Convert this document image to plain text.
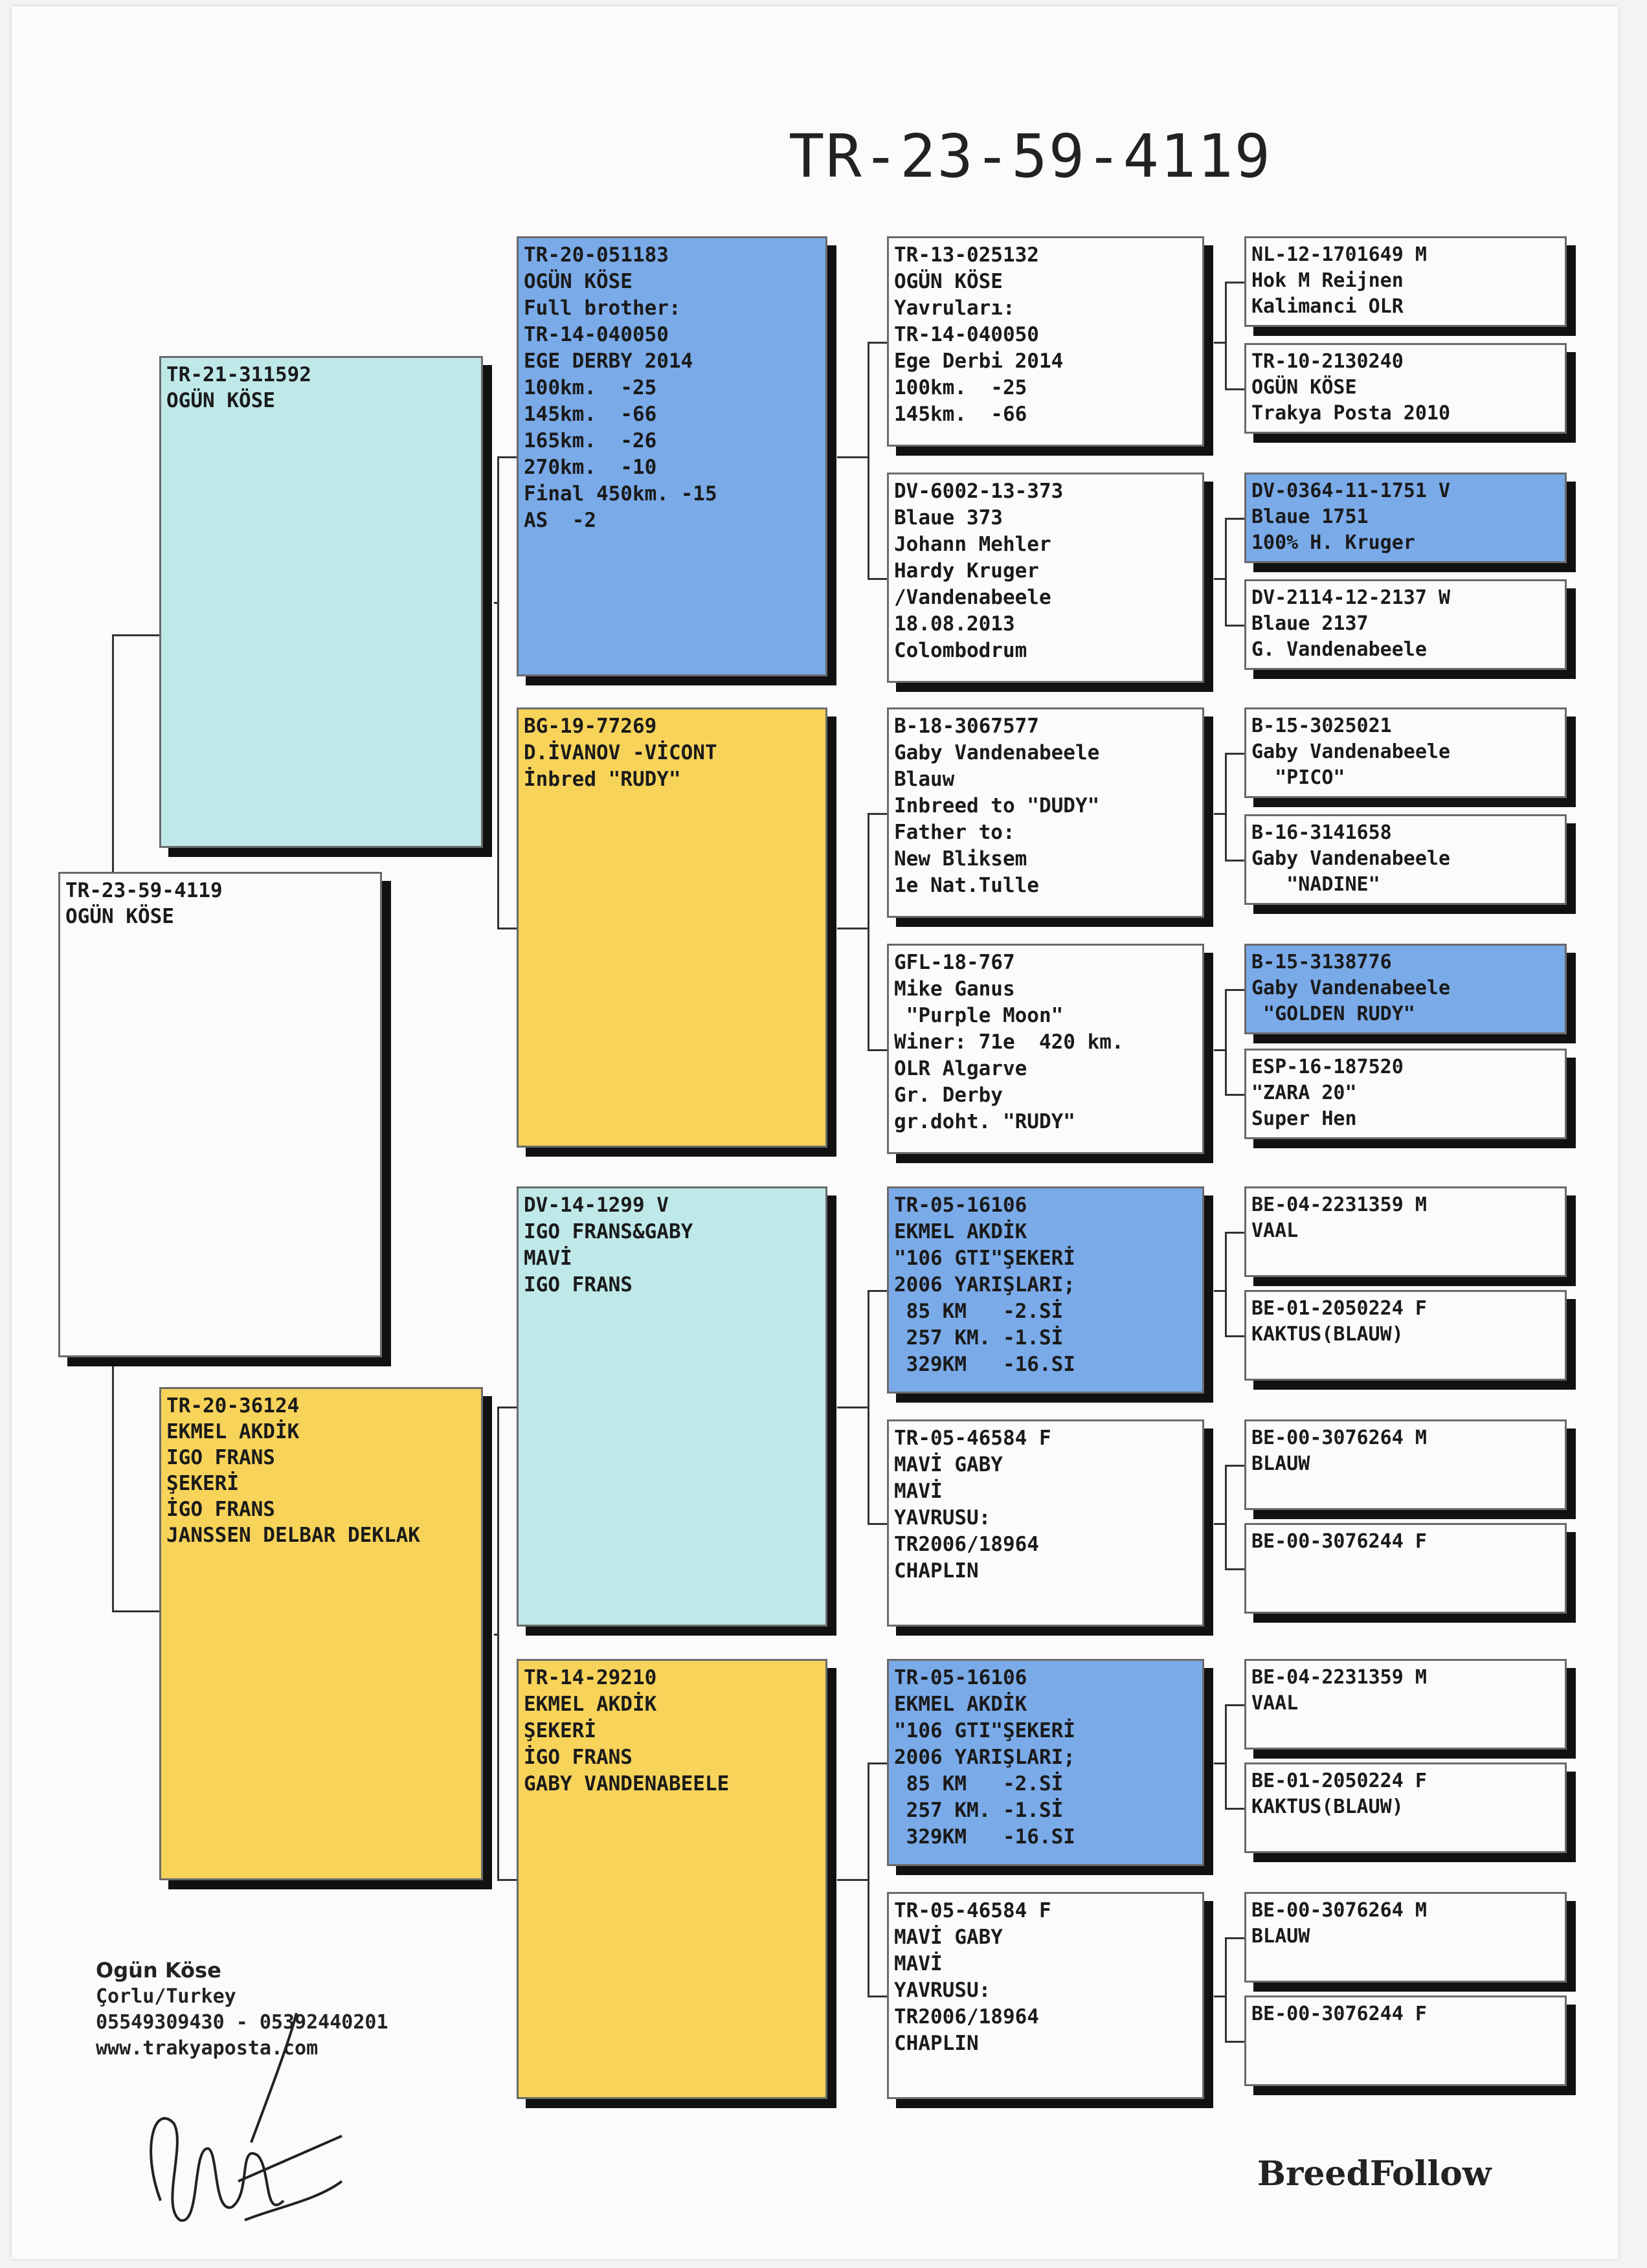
TR-23-59-4119
TR-23-59-4119
OGÜN KÖSE
TR-21-311592
OGÜN KÖSE
TR-20-36124
EKMEL AKDİK
IGO FRANS
ŞEKERİ
İGO FRANS
JANSSEN DELBAR DEKLAK
TR-20-051183
OGÜN KÖSE
Full brother:
TR-14-040050
EGE DERBY 2014
100km.  -25
145km.  -66
165km.  -26
270km.  -10
Final 450km. -15
AS  -2
BG-19-77269
D.İVANOV -VİCONT
İnbred "RUDY"
DV-14-1299 V
IGO FRANS&GABY
MAVİ
IGO FRANS
TR-14-29210
EKMEL AKDİK
ŞEKERİ
İGO FRANS
GABY VANDENABEELE
TR-13-025132
OGÜN KÖSE
Yavruları:
TR-14-040050
Ege Derbi 2014
100km.  -25
145km.  -66
DV-6002-13-373
Blaue 373
Johann Mehler
Hardy Kruger
/Vandenabeele
18.08.2013
Colombodrum
B-18-3067577
Gaby Vandenabeele
Blauw
Inbreed to "DUDY"
Father to:
New Bliksem
1e Nat.Tulle
GFL-18-767
Mike Ganus
"Purple Moon"
Winer: 71e  420 km.
OLR Algarve
Gr. Derby
gr.doht. "RUDY"
TR-05-16106
EKMEL AKDİK
"106 GTI"ŞEKERİ
2006 YARIŞLARI;
85 KM   -2.Sİ
257 KM. -1.Sİ
329KM   -16.SI
TR-05-46584 F
MAVİ GABY
MAVİ
YAVRUSU:
TR2006/18964
CHAPLIN
TR-05-16106
EKMEL AKDİK
"106 GTI"ŞEKERİ
2006 YARIŞLARI;
85 KM   -2.Sİ
257 KM. -1.Sİ
329KM   -16.SI
TR-05-46584 F
MAVİ GABY
MAVİ
YAVRUSU:
TR2006/18964
CHAPLIN
NL-12-1701649 M
Hok M Reijnen
Kalimanci OLR
TR-10-2130240
OGÜN KÖSE
Trakya Posta 2010
DV-0364-11-1751 V
Blaue 1751
100% H. Kruger
DV-2114-12-2137 W
Blaue 2137
G. Vandenabeele
B-15-3025021
Gaby Vandenabeele
"PICO"
B-16-3141658
Gaby Vandenabeele
"NADINE"
B-15-3138776
Gaby Vandenabeele
"GOLDEN RUDY"
ESP-16-187520
"ZARA 20"
Super Hen
BE-04-2231359 M
VAAL
BE-01-2050224 F
KAKTUS(BLAUW)
BE-00-3076264 M
BLAUW
BE-00-3076244 F
BE-04-2231359 M
VAAL
BE-01-2050224 F
KAKTUS(BLAUW)
BE-00-3076264 M
BLAUW
BE-00-3076244 F
Ogün Köse
Çorlu/Turkey
05549309430 - 05392440201
www.trakyaposta.com
BreedFollow
